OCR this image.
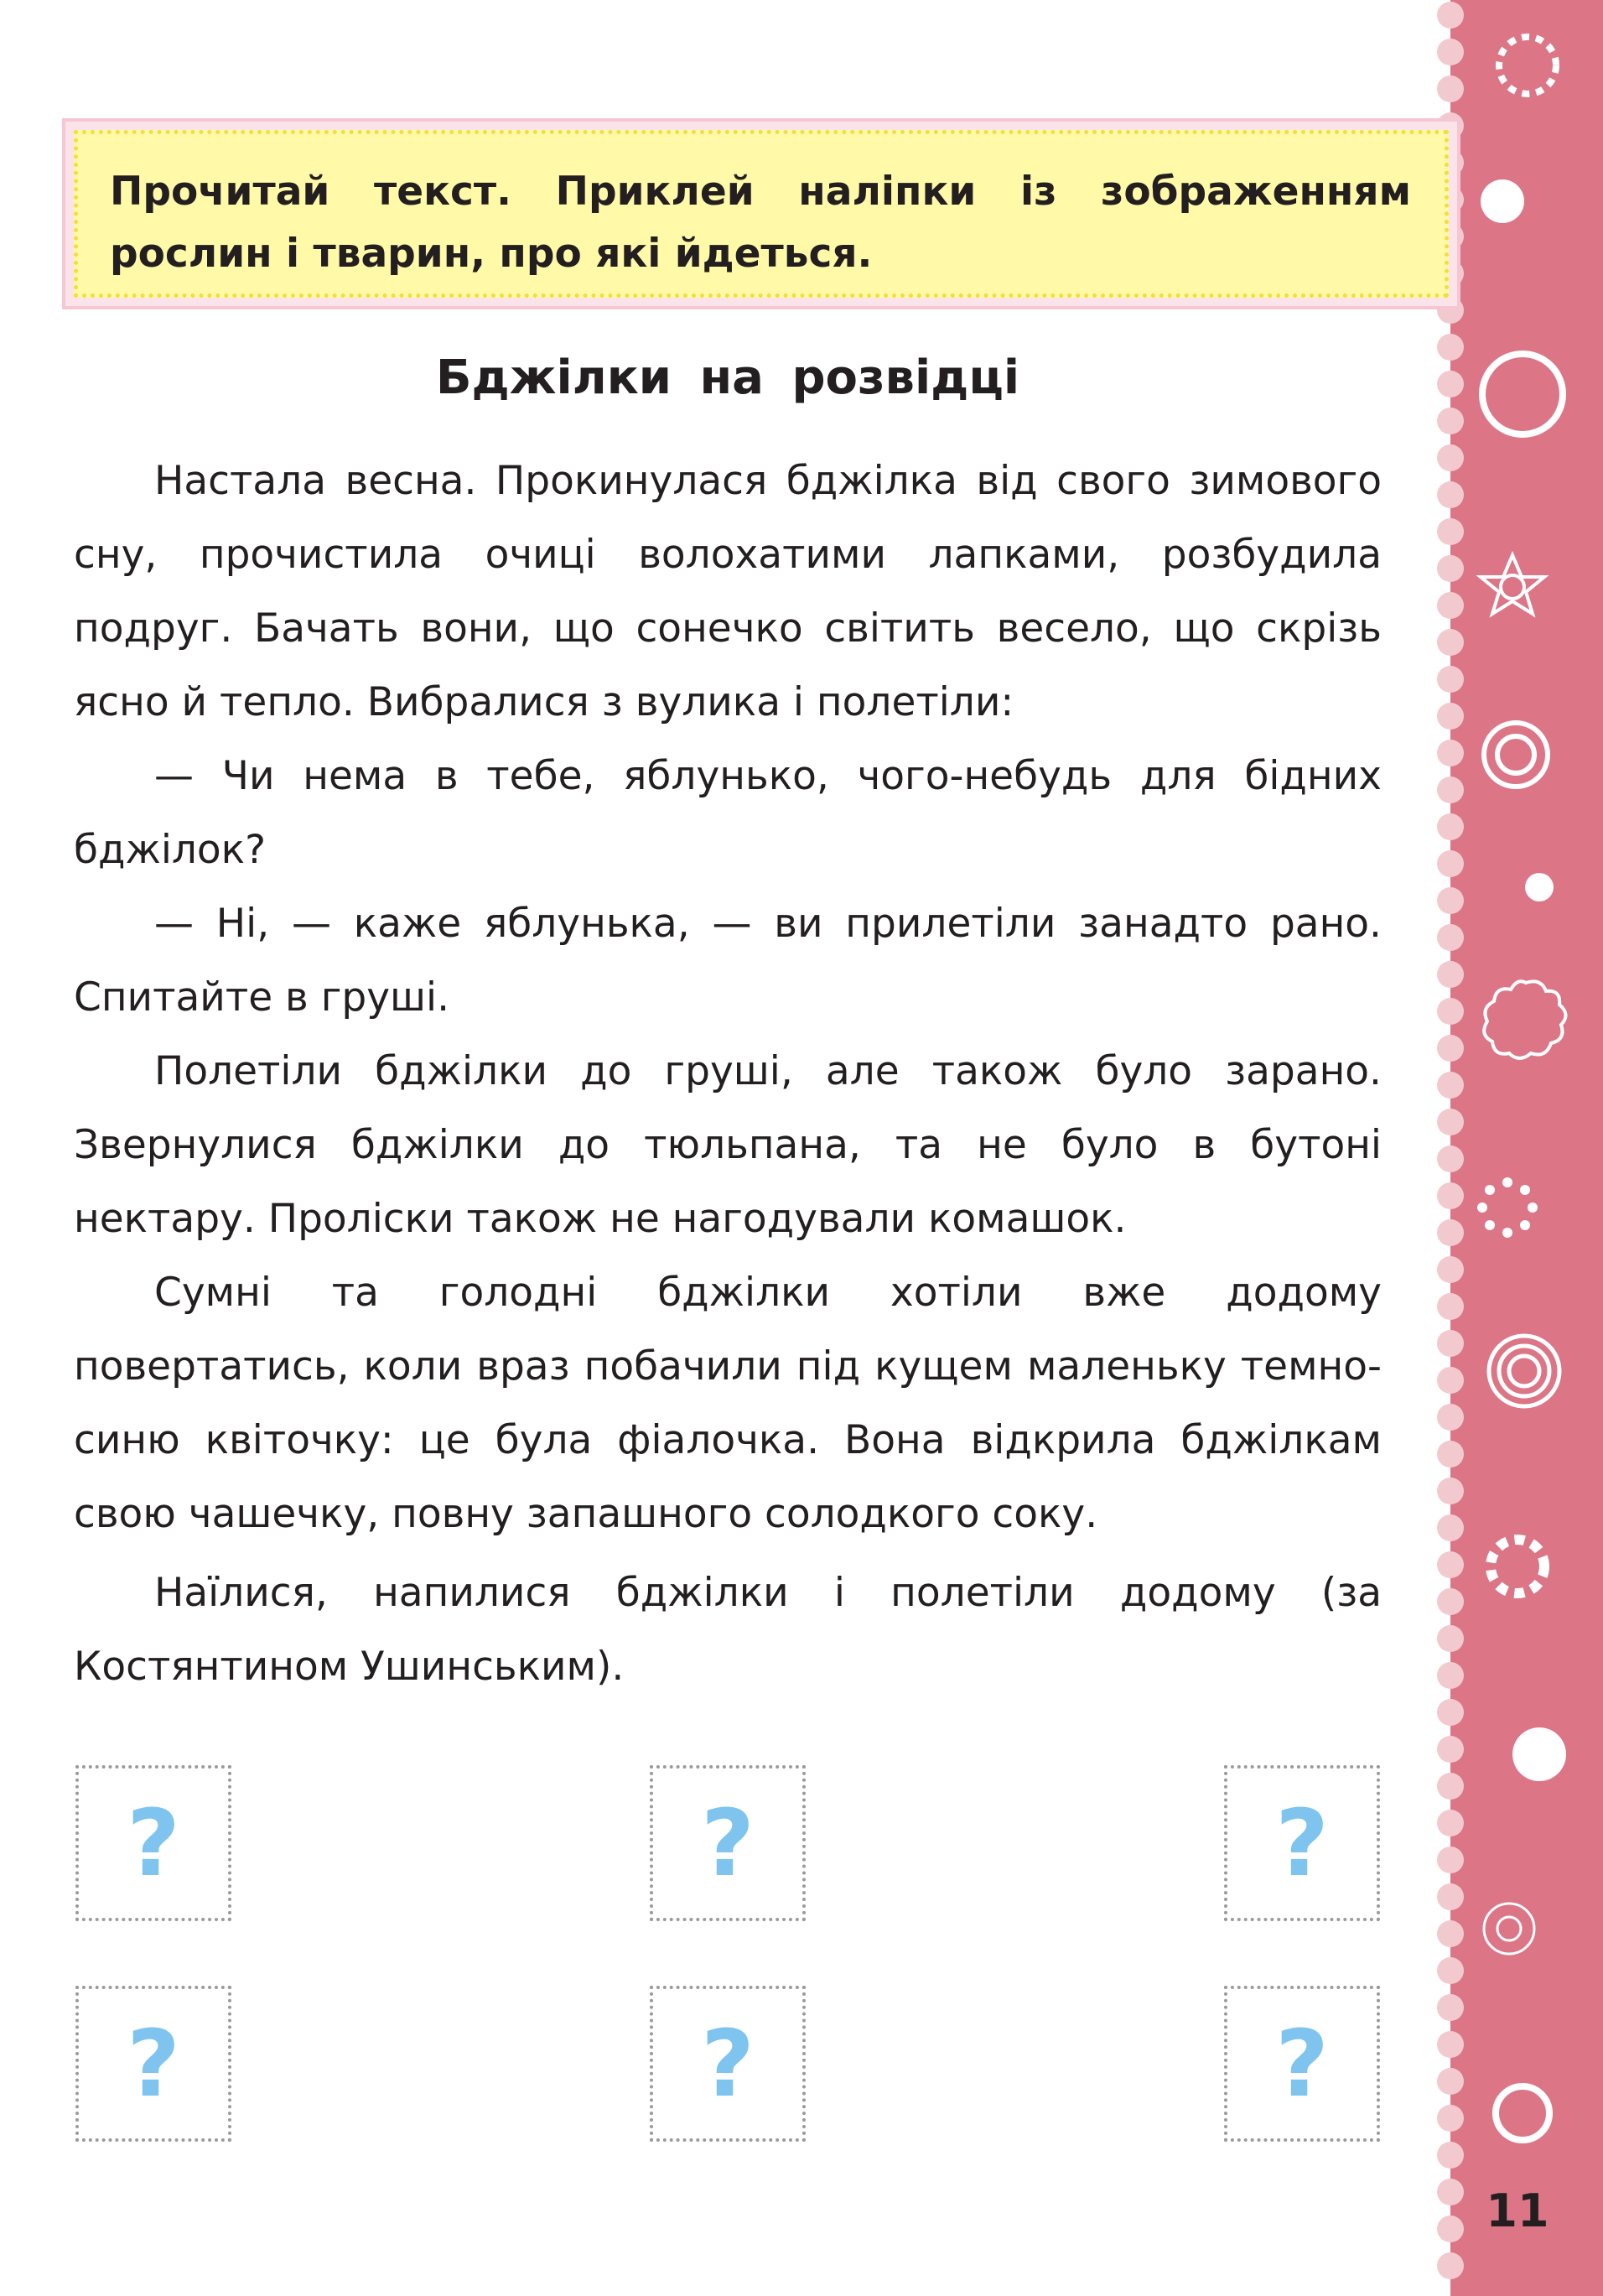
11

Прочитай текст. Приклей наліпки із зображенням рослин і тварин, про які йдеться.

Бджілки на розвідці

Настала весна. Прокинулася бджілка від свого зимового сну, прочистила очиці волохатими лапками, розбудила подруг. Бачать вони, що сонечко світить весело, що скрізь ясно й тепло. Вибралися з вулика і полетіли:

— Чи нема в тебе, яблунько, чого-небудь для бідних бджілок?

— Ні, — каже яблунька, — ви прилетіли занадто рано. Спитайте в груші.

Полетіли бджілки до груші, але також було зарано. Звернулися бджілки до тюльпана, та не було в бутоні нектару. Проліски також не нагодували комашок.

Сумні та голодні бджілки хотіли вже додому повертатись, коли враз побачили під кущем маленьку темно-синю квіточку: це була фіалочка. Вона відкрила бджілкам свою чашечку, повну запашного солодкого соку.

Наїлися, напилися бджілки і полетіли додому (за Костянтином Ушинським).

?	?	?
?	?	?
